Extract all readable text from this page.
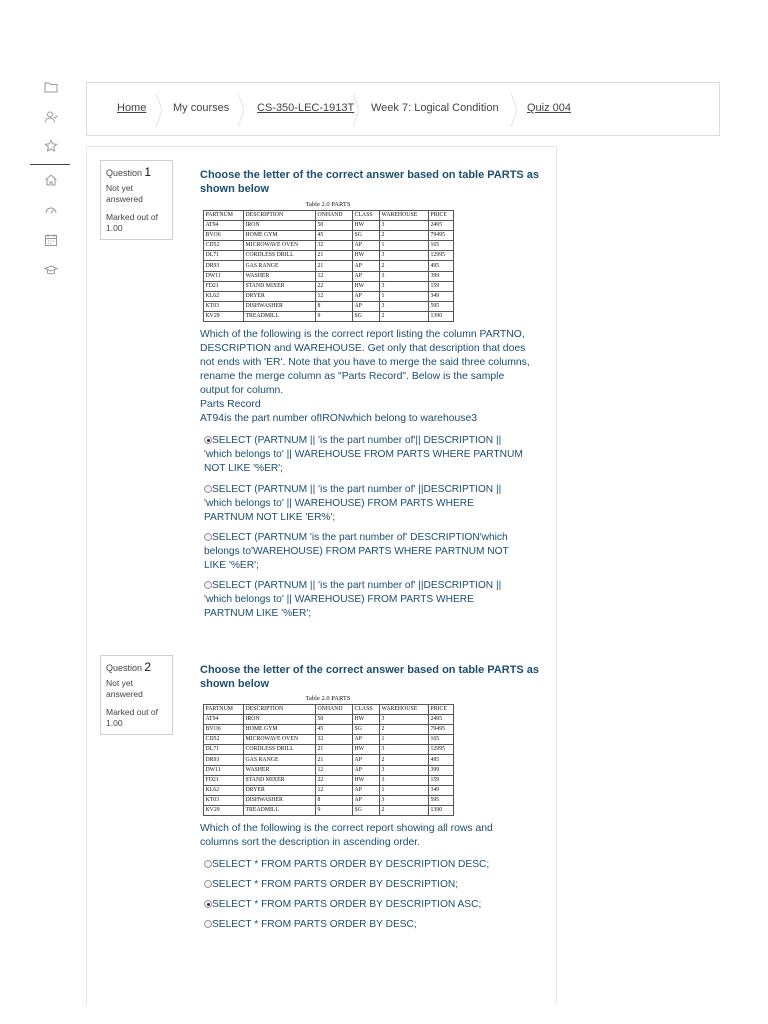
Home My courses	CS-350-LEC-1913T Week 7: Logical Condition	Quiz 004
Question 1
Not yet answered
Marked out of 1.00
Choose the letter of the correct answer based on table PARTS as shown below
Table 2.0 PARTS
PARTNUM	DESCRIPTION	ONHAND	CLASS	WAREHOUSE	PRICE
AT94	IRON	50	HW	3	2495
BVO6	HOME GYM	45	SG	2	79495
CD52	MICROWAVE OVEN	32	AP	1	165
DL71	CORDLESS DRILL	21	HW	3	12995
DR93	GAS RANGE	21	AP	2	495
DW11	WASHER	12	AP	3	399
FD21	STAND MIXER	22	HW	3	159
KL62	DRYER	12	AP	1	349
KT03	DISHWASHER	8	AP	3	595
KV29	TREADMILL	9	SG	2	1390
Which of the following is the correct report listing the column PARTNO, DESCRIPTION and WAREHOUSE. Get only that description that does not ends with 'ER'. Note that you have to merge the said three columns, rename the merge column as "Parts Record". Below is the sample output for column.
Parts Record
AT94is the part number ofIRONwhich belong to warehouse3
SELECT (PARTNUM || 'is the part number of'|| DESCRIPTION || 'which belongs to' || WAREHOUSE FROM PARTS WHERE PARTNUM NOT LIKE '%ER';
SELECT (PARTNUM || 'is the part number of' ||DESCRIPTION || 'which belongs to' || WAREHOUSE) FROM PARTS WHERE PARTNUM NOT LIKE 'ER%';
SELECT (PARTNUM 'is the part number of' DESCRIPTION'which belongs to'WAREHOUSE) FROM PARTS WHERE PARTNUM NOT LIKE '%ER';
SELECT (PARTNUM || 'is the part number of' ||DESCRIPTION || 'which belongs to' || WAREHOUSE) FROM PARTS WHERE PARTNUM LIKE '%ER';
Question 2
Not yet answered
Marked out of 1.00
Choose the letter of the correct answer based on table PARTS as shown below
Table 2.0 PARTS
PARTNUM	DESCRIPTION	ONHAND	CLASS	WAREHOUSE	PRICE
AT94	IRON	50	HW	3	2495
BVO6	HOME GYM	45	SG	2	79495
CD52	MICROWAVE OVEN	32	AP	1	165
DL71	CORDLESS DRILL	21	HW	3	12995
DR93	GAS RANGE	21	AP	2	495
DW11	WASHER	12	AP	3	399
FD21	STAND MIXER	22	HW	3	159
KL62	DRYER	12	AP	1	349
KT03	DISHWASHER	8	AP	3	595
KV29	TREADMILL	9	SG	2	1390
Which of the following is the correct report showing all rows and columns sort the description in ascending order.
SELECT * FROM PARTS ORDER BY DESCRIPTION DESC;
SELECT * FROM PARTS ORDER BY DESCRIPTION;
SELECT * FROM PARTS ORDER BY DESCRIPTION ASC;
SELECT * FROM PARTS ORDER BY DESC;
